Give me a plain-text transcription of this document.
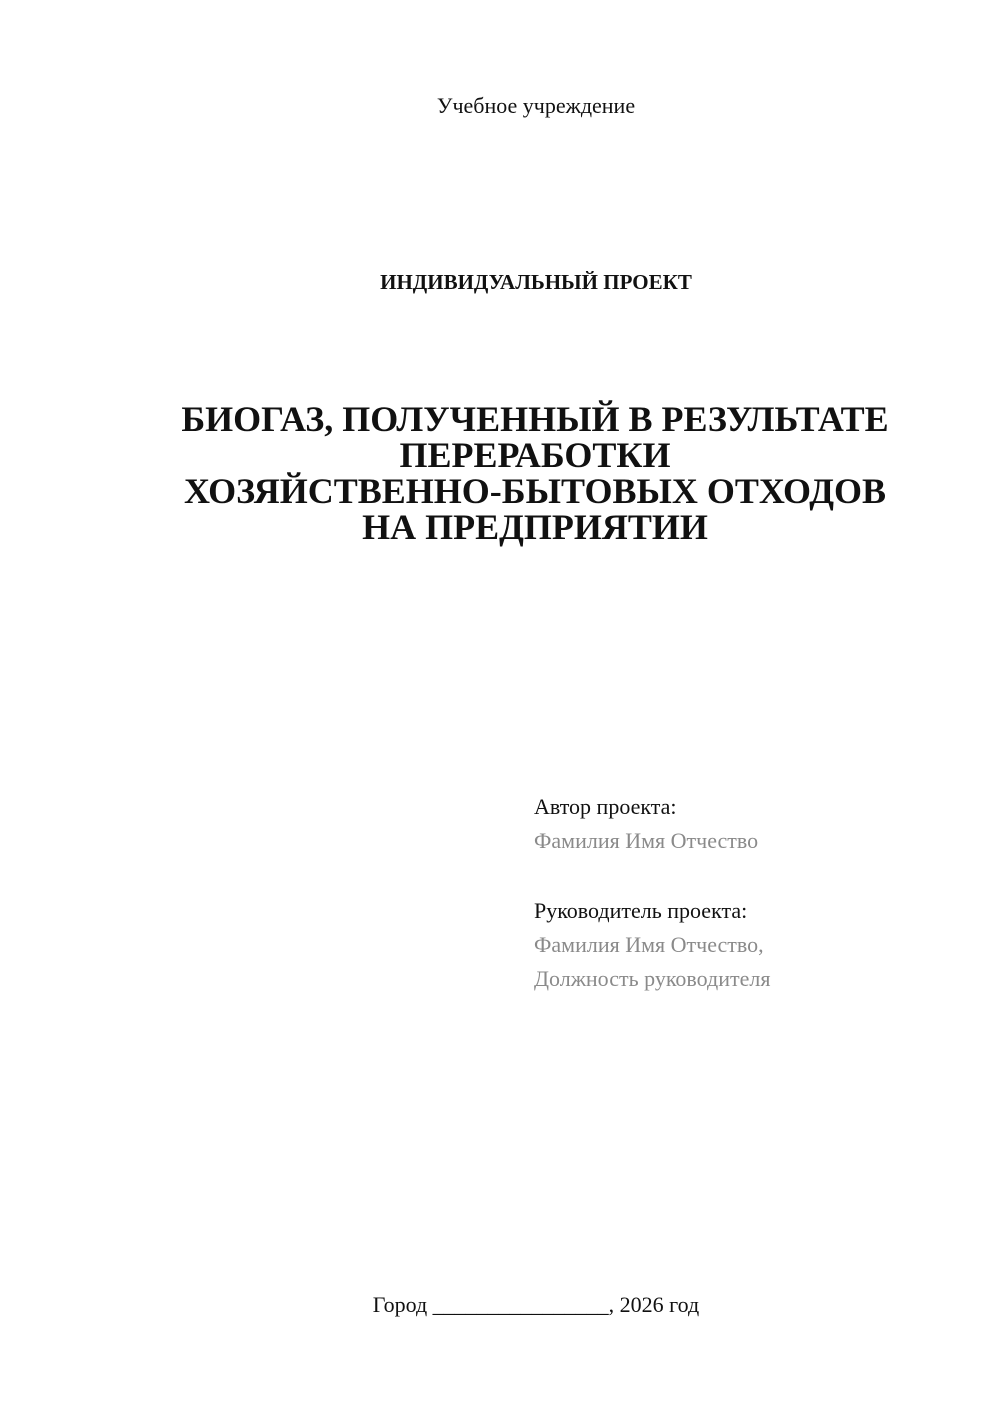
Учебное учреждение
ИНДИВИДУАЛЬНЫЙ ПРОЕКТ
БИОГАЗ, ПОЛУЧЕННЫЙ В РЕЗУЛЬТАТЕ
ПЕРЕРАБОТКИ
ХОЗЯЙСТВЕННО-БЫТОВЫХ ОТХОДОВ
НА ПРЕДПРИЯТИИ
Автор проекта:
Фамилия Имя Отчество
Руководитель проекта:
Фамилия Имя Отчество,
Должность руководителя
Город ________________, 2026 год
